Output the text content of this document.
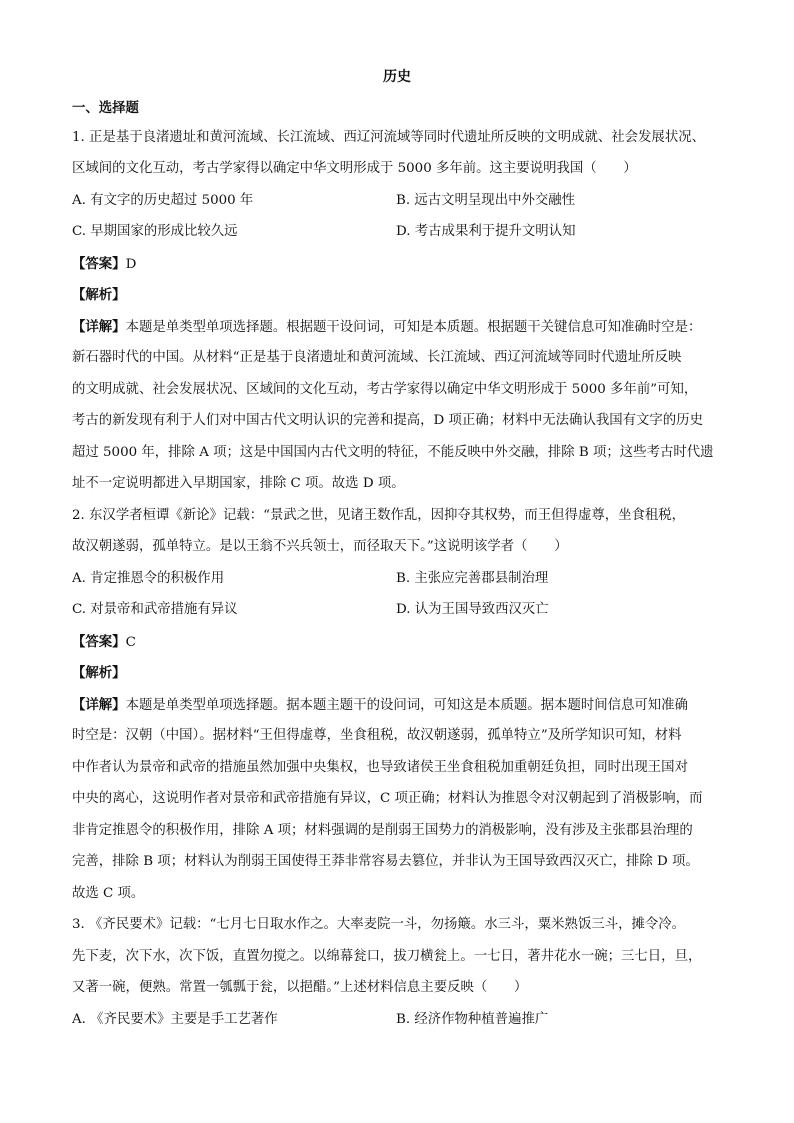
历史
一、选择题
1. 正是基于良渚遗址和黄河流域、长江流域、西辽河流域等同时代遗址所反映的文明成就、社会发展状况、
区域间的文化互动，考古学家得以确定中华文明形成于 5000 多年前。这主要说明我国（　　）
A. 有文字的历史超过 5000 年	B. 远古文明呈现出中外交融性
C. 早期国家的形成比较久远	D. 考古成果利于提升文明认知
【答案】D
【解析】
【详解】本题是单类型单项选择题。根据题干设问词，可知是本质题。根据题干关键信息可知准确时空是：
新石器时代的中国。从材料“正是基于良渚遗址和黄河流域、长江流域、西辽河流域等同时代遗址所反映
的文明成就、社会发展状况、区域间的文化互动，考古学家得以确定中华文明形成于 5000 多年前”可知，
考古的新发现有利于人们对中国古代文明认识的完善和提高，D 项正确；材料中无法确认我国有文字的历史
超过 5000 年，排除 A 项；这是中国国内古代文明的特征，不能反映中外交融，排除 B 项；这些考古时代遗
址不一定说明都进入早期国家，排除 C 项。故选 D 项。
2. 东汉学者桓谭《新论》记载：“景武之世，见诸王数作乱，因抑夺其权势，而王但得虚尊，坐食租税，
故汉朝遂弱，孤单特立。是以王翁不兴兵领士，而径取天下。”这说明该学者（　　）
A. 肯定推恩令的积极作用	B. 主张应完善郡县制治理
C. 对景帝和武帝措施有异议	D. 认为王国导致西汉灭亡
【答案】C
【解析】
【详解】本题是单类型单项选择题。据本题主题干的设问词，可知这是本质题。据本题时间信息可知准确
时空是：汉朝（中国）。据材料“王但得虚尊，坐食租税，故汉朝遂弱，孤单特立”及所学知识可知，材料
中作者认为景帝和武帝的措施虽然加强中央集权，也导致诸侯王坐食租税加重朝廷负担，同时出现王国对
中央的离心，这说明作者对景帝和武帝措施有异议，C 项正确；材料认为推恩令对汉朝起到了消极影响，而
非肯定推恩令的积极作用，排除 A 项；材料强调的是削弱王国势力的消极影响，没有涉及主张郡县治理的
完善，排除 B 项；材料认为削弱王国使得王莽非常容易去篡位，并非认为王国导致西汉灭亡，排除 D 项。
故选 C 项。
3. 《齐民要术》记载：“七月七日取水作之。大率麦院一斗，勿扬簸。水三斗，粟米熟饭三斗，摊令冷。
先下麦，次下水，次下饭，直置勿搅之。以绵幕瓮口，拔刀横瓮上。一七日，著井花水一碗；三七日，旦，
又著一碗，便熟。常置一瓠瓢于瓮，以挹醋。”上述材料信息主要反映（　　）
A. 《齐民要术》主要是手工艺著作	B. 经济作物种植普遍推广
